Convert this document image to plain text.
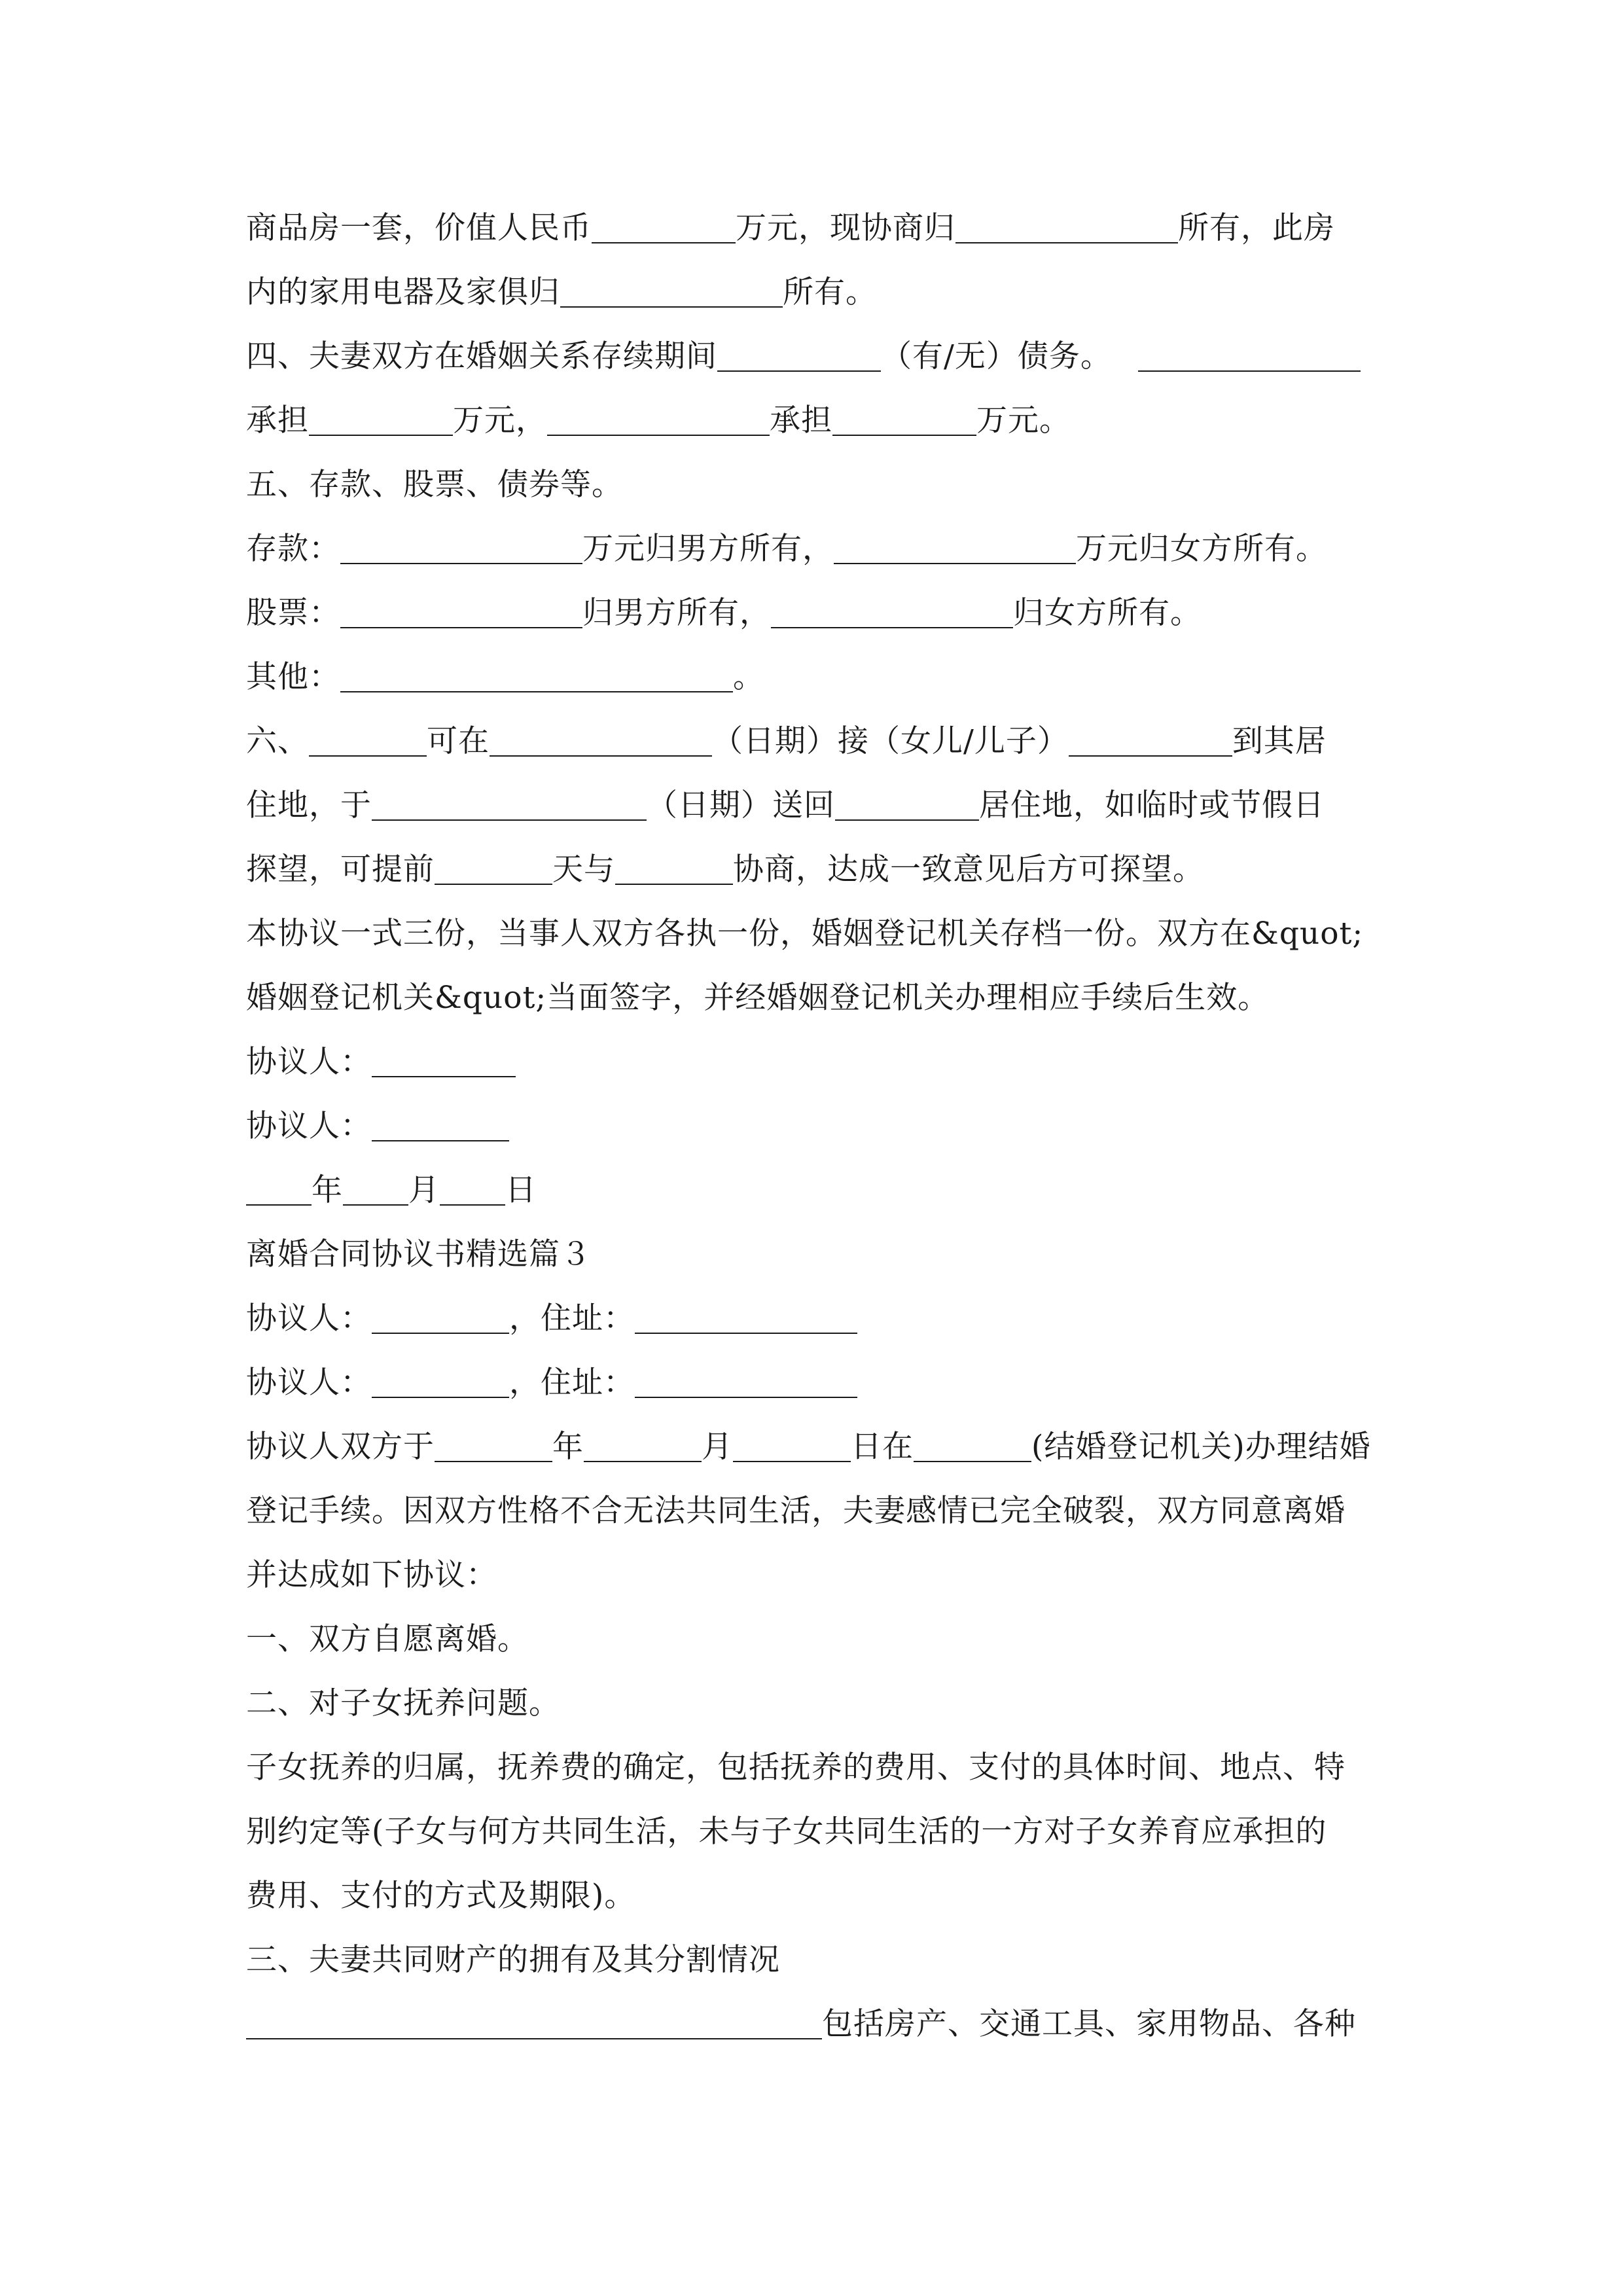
商品房一套，价值人民币	万元，现协商归	所有，此房
内的家用电器及家俱归	所有。
四、夫妻双方在婚姻关系存续期间	（有/无）债务。
承担	万元，	承担	万元。
五、存款、股票、债券等。
存款：	万元归男方所有，	万元归女方所有。
股票：	归男方所有，	归女方所有。
其他：	。
六、	可在	（日期）接（女儿/儿子）	到其居
住地，于	（日期）送回	居住地，如临时或节假日
探望，可提前	天与	协商，达成一致意见后方可探望。
本协议一式三份，当事人双方各执一份，婚姻登记机关存档一份。双方在&quot;
婚姻登记机关&quot;当面签字，并经婚姻登记机关办理相应手续后生效。
协议人：
协议人：
年 月 日
离婚合同协议书精选篇３
协议人：	，住址：
协议人：	，住址：
协议人双方于	年	月	日在	(结婚登记机关)办理结婚
登记手续。因双方性格不合无法共同生活，夫妻感情已完全破裂，双方同意离婚
并达成如下协议：
一、双方自愿离婚。
二、对子女抚养问题。
子女抚养的归属，抚养费的确定，包括抚养的费用、支付的具体时间、地点、特
别约定等(子女与何方共同生活，未与子女共同生活的一方对子女养育应承担的
费用、支付的方式及期限)。
三、夫妻共同财产的拥有及其分割情况
包括房产、交通工具、家用物品、各种
